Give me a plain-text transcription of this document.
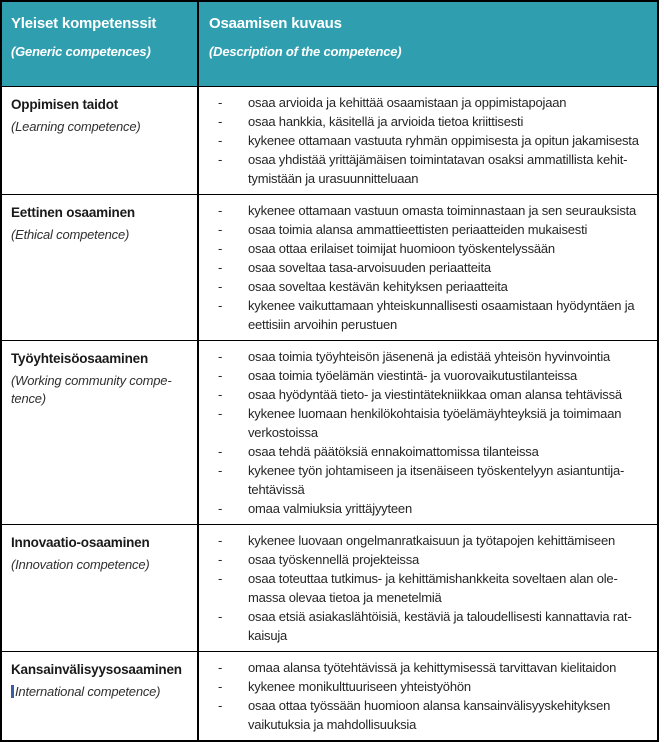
Yleiset kompetenssit
(Generic competences)
Osaamisen kuvaus
(Description of the competence)
Oppimisen taidot
(Learning competence)
-	osaa arvioida ja kehittää osaamistaan ja oppimistapojaan
-	osaa hankkia, käsitellä ja arvioida tietoa kriittisesti
-	kykenee ottamaan vastuuta ryhmän oppimisesta ja opitun jakamisesta
-	osaa yhdistää yrittäjämäisen toimintatavan osaksi ammatillista kehittymistään ja urasuunnitteluaan
Eettinen osaaminen
(Ethical competence)
-	kykenee ottamaan vastuun omasta toiminnastaan ja sen seurauksista
-	osaa toimia alansa ammattieettisten periaatteiden mukaisesti
-	osaa ottaa erilaiset toimijat huomioon työskentelyssään
-	osaa soveltaa tasa-arvoisuuden periaatteita
-	osaa soveltaa kestävän kehityksen periaatteita
-	kykenee vaikuttamaan yhteiskunnallisesti osaamistaan hyödyntäen ja eettisiin arvoihin perustuen
Työyhteisöosaaminen
(Working community competence)
-	osaa toimia työyhteisön jäsenenä ja edistää yhteisön hyvinvointia
-	osaa toimia työelämän viestintä- ja vuorovaikutustilanteissa
-	osaa hyödyntää tieto- ja viestintätekniikkaa oman alansa tehtävissä
-	kykenee luomaan henkilökohtaisia työelämäyhteyksiä ja toimimaan verkostoissa
-	osaa tehdä päätöksiä ennakoimattomissa tilanteissa
-	kykenee työn johtamiseen ja itsenäiseen työskentelyyn asiantuntijatehtävissä
-	omaa valmiuksia yrittäjyyteen
Innovaatio-osaaminen
(Innovation competence)
-	kykenee luovaan ongelmanratkaisuun ja työtapojen kehittämiseen
-	osaa työskennellä projekteissa
-	osaa toteuttaa tutkimus- ja kehittämishankkeita soveltaen alan olemassa olevaa tietoa ja menetelmiä
-	osaa etsiä asiakaslähtöisiä, kestäviä ja taloudellisesti kannattavia ratkaisuja
Kansainvälisyysosaaminen
International competence)
-	omaa alansa työtehtävissä ja kehittymisessä tarvittavan kielitaidon
-	kykenee monikulttuuriseen yhteistyöhön
-	osaa ottaa työssään huomioon alansa kansainvälisyyskehityksen vaikutuksia ja mahdollisuuksia
